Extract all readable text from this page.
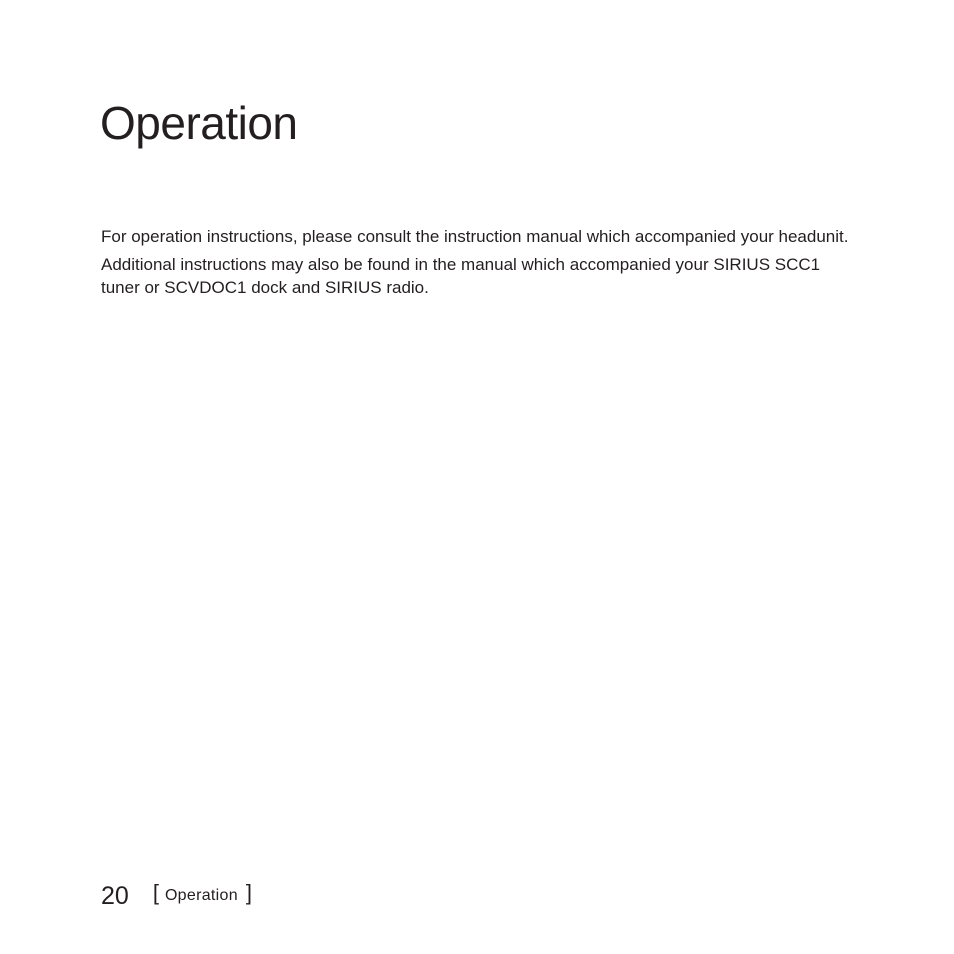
Operation

For operation instructions, please consult the instruction manual which accompanied your headunit.

Additional instructions may also be found in the manual which accompanied your SIRIUS SCC1 tuner or SCVDOC1 dock and SIRIUS radio.

20 [ Operation ]
